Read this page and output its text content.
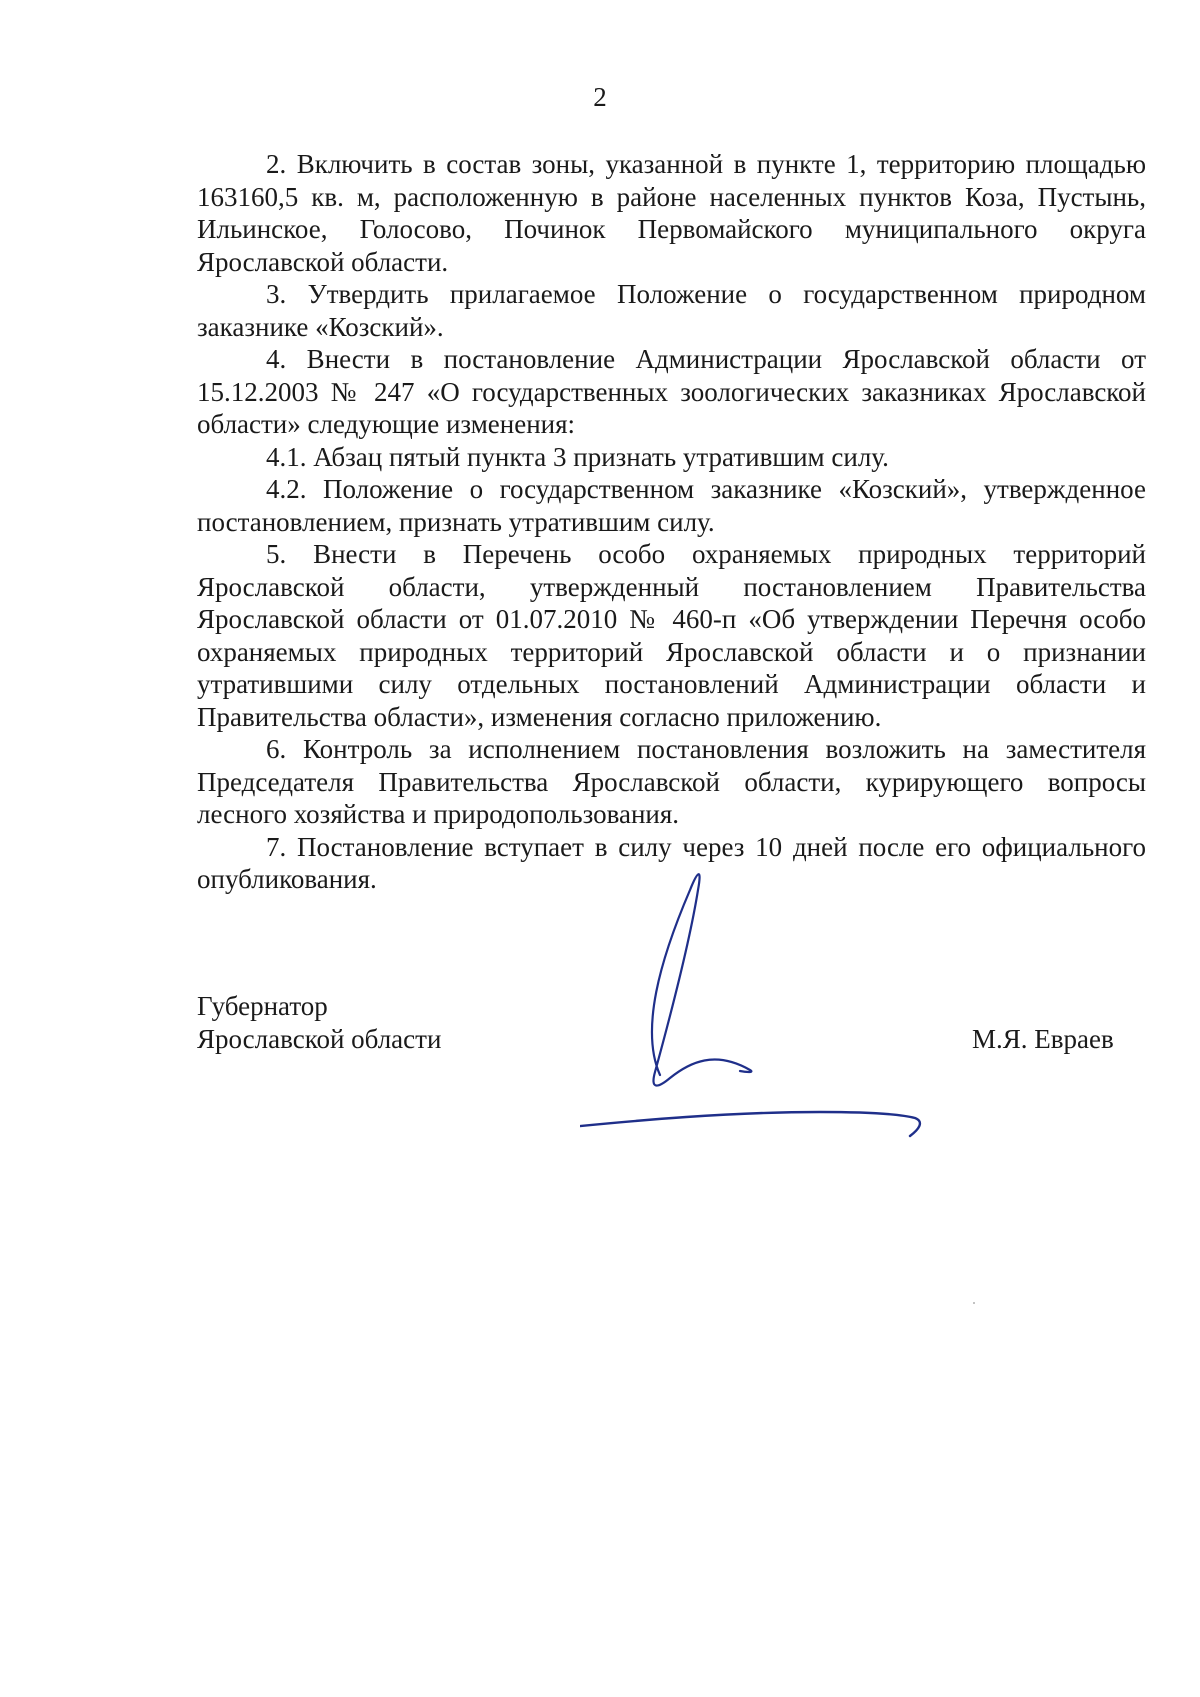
2

2. Включить в состав зоны, указанной в пункте 1, территорию площадью 163160,5 кв. м, расположенную в районе населенных пунктов Коза, Пустынь, Ильинское, Голосово, Починок Первомайского муниципального округа Ярославской области.

3. Утвердить прилагаемое Положение о государственном природном заказнике «Козский».

4. Внести в постановление Администрации Ярославской области от 15.12.2003 № 247 «О государственных зоологических заказниках Ярославской области» следующие изменения:

4.1. Абзац пятый пункта 3 признать утратившим силу.

4.2. Положение о государственном заказнике «Козский», утвержденное постановлением, признать утратившим силу.

5. Внести в Перечень особо охраняемых природных территорий Ярославской области, утвержденный постановлением Правительства Ярославской области от 01.07.2010 № 460-п «Об утверждении Перечня особо охраняемых природных территорий Ярославской области и о признании утратившими силу отдельных постановлений Администрации области и Правительства области», изменения согласно приложению.

6. Контроль за исполнением постановления возложить на заместителя Председателя Правительства Ярославской области, курирующего вопросы лесного хозяйства и природопользования.

7. Постановление вступает в силу через 10 дней после его официального опубликования.

Губернатор
Ярославской области	М.Я. Евраев
